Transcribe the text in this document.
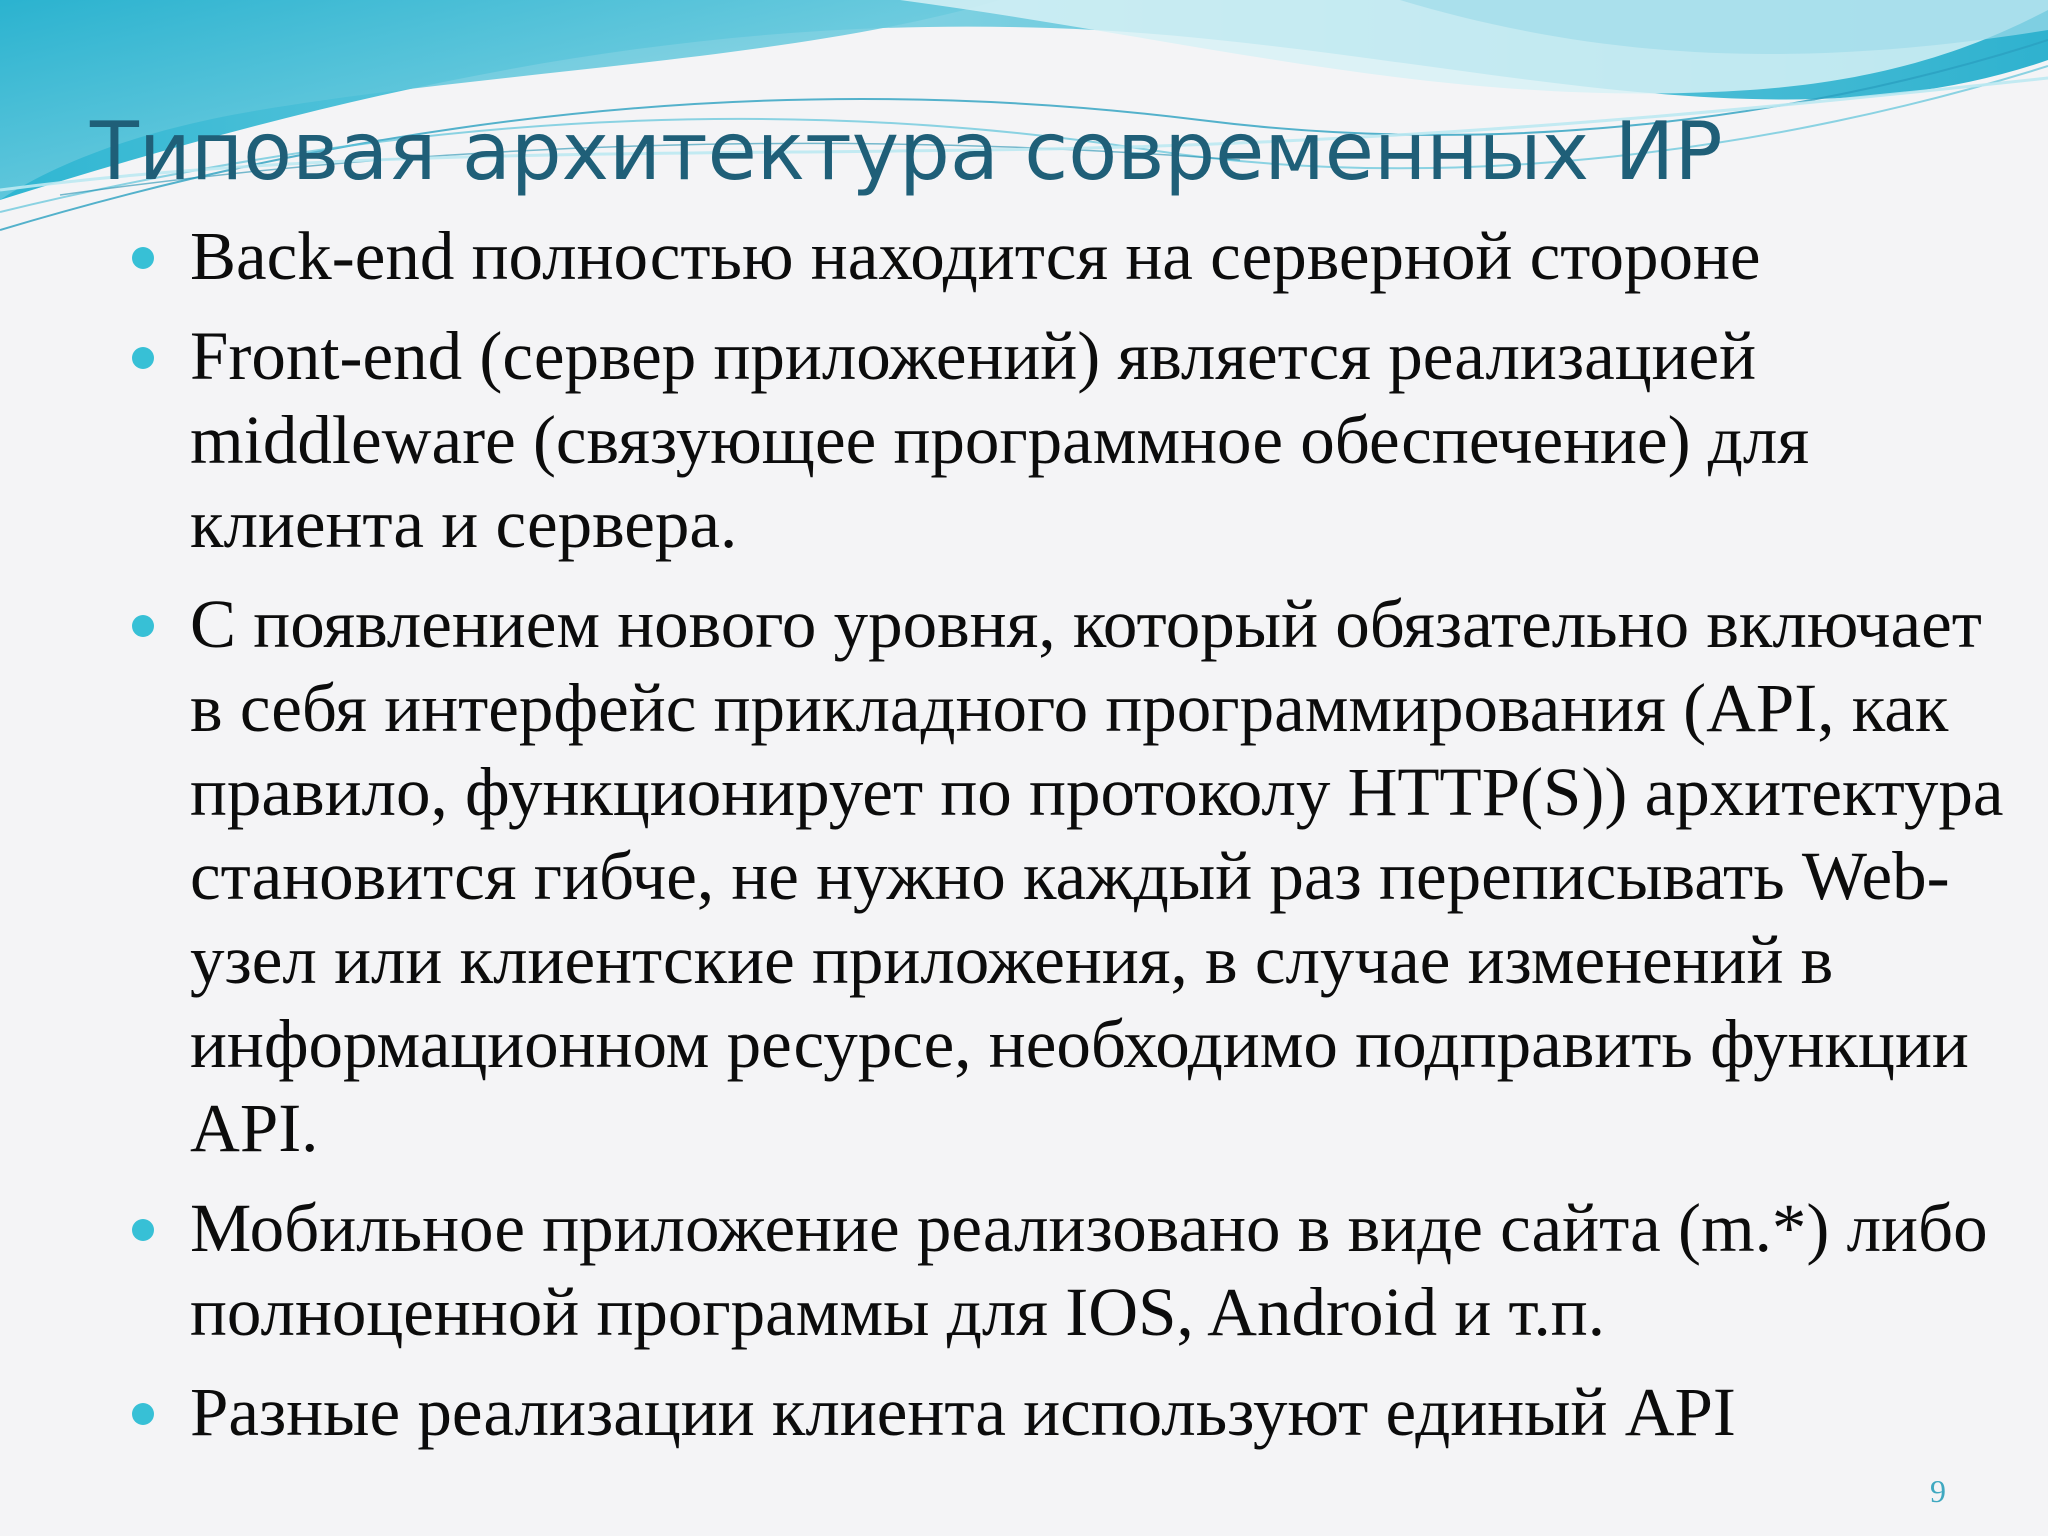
Типовая архитектура современных ИР
Back-end полностью находится на серверной стороне
Front-end (сервер приложений) является реализацией middleware (связующее программное обеспечение) для клиента и сервера.
С появлением нового уровня, который обязательно включает в себя интерфейс прикладного программирования (API, как правило, функционирует по протоколу HTTP(S)) архитектура становится гибче, не нужно каждый раз переписывать Web-узел или клиентские приложения, в случае изменений в информационном ресурсе, необходимо подправить функции API.
Мобильное приложение реализовано в виде сайта (m.*) либо полноценной программы для IOS, Android и т.п.
Разные реализации клиента используют единый API
9
